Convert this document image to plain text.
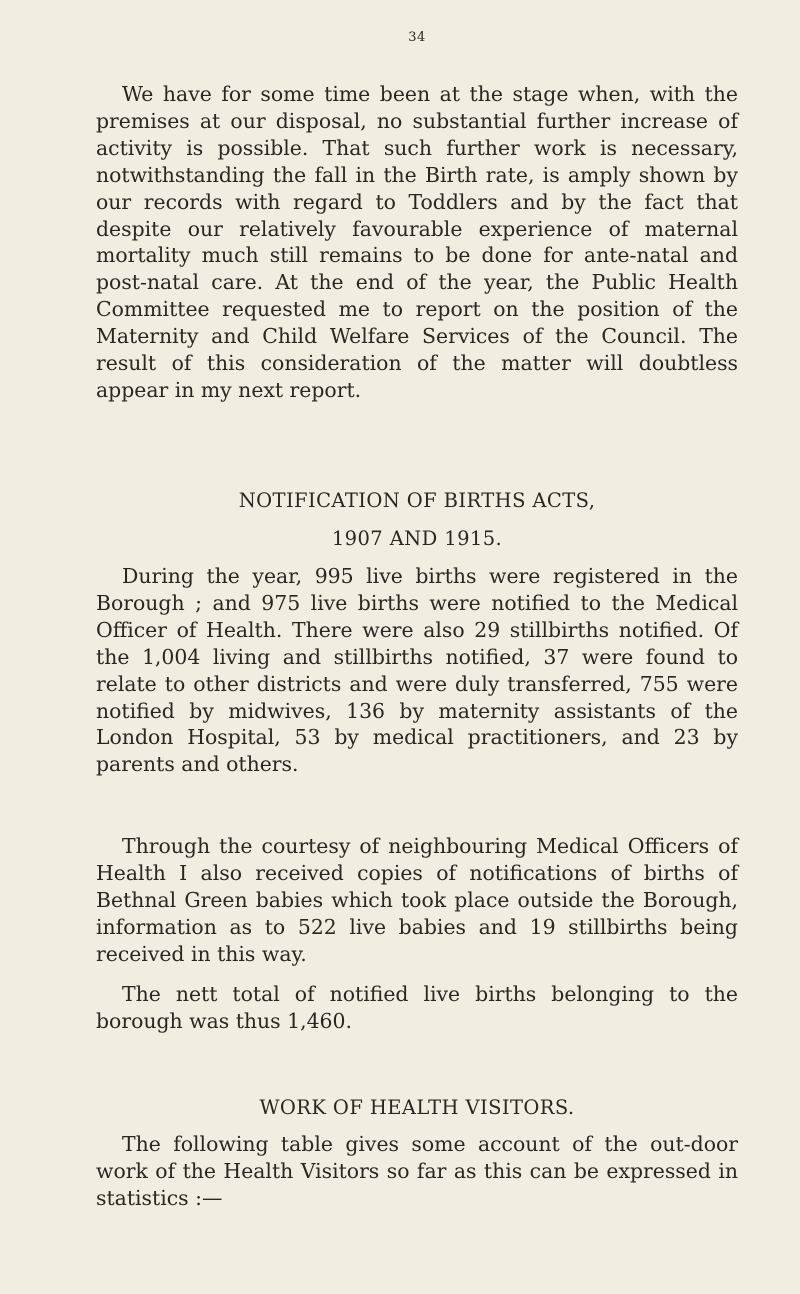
34

We have for some time been at the stage when, with the premises at our disposal, no substantial further increase of activity is possible. That such further work is necessary, notwithstanding the fall in the Birth rate, is amply shown by our records with regard to Toddlers and by the fact that despite our relatively favourable experience of maternal mortality much still remains to be done for ante-natal and post-natal care. At the end of the year, the Public Health Committee requested me to report on the position of the Maternity and Child Welfare Services of the Council. The result of this consideration of the matter will doubtless appear in my next report.

NOTIFICATION OF BIRTHS ACTS,
1907 AND 1915.

During the year, 995 live births were registered in the Borough ; and 975 live births were notified to the Medical Officer of Health. There were also 29 stillbirths notified. Of the 1,004 living and stillbirths notified, 37 were found to relate to other districts and were duly transferred, 755 were notified by midwives, 136 by maternity assistants of the London Hospital, 53 by medical practitioners, and 23 by parents and others.

Through the courtesy of neighbouring Medical Officers of Health I also received copies of notifications of births of Bethnal Green babies which took place outside the Borough, information as to 522 live babies and 19 stillbirths being received in this way.

The nett total of notified live births belonging to the borough was thus 1,460.

WORK OF HEALTH VISITORS.

The following table gives some account of the out-door work of the Health Visitors so far as this can be expressed in statistics :—
